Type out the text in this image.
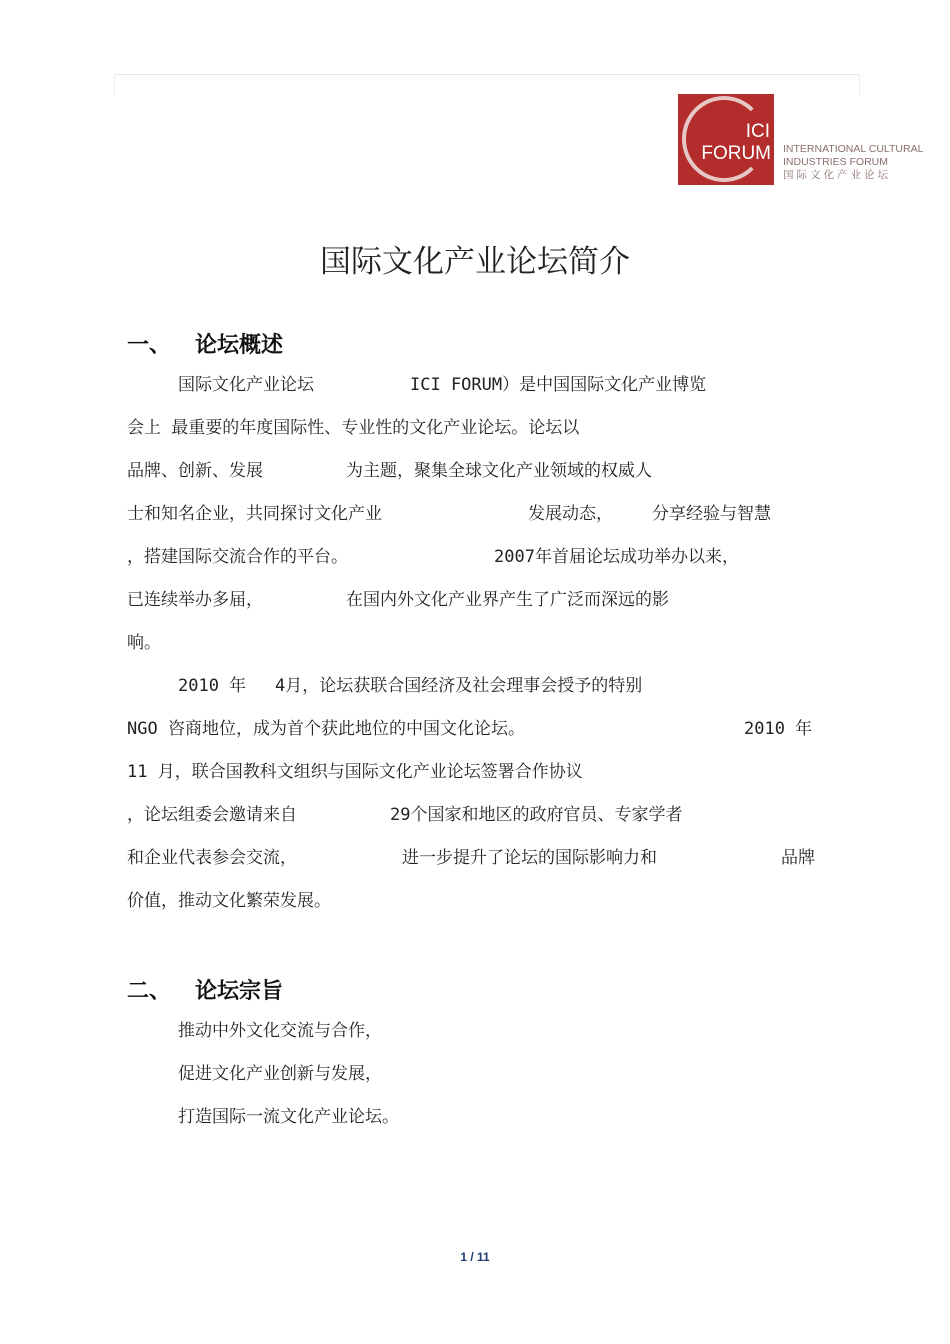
ICI
FORUM INTERNATIONAL CULTURAL
INDUSTRIES FORUM
国际文化产业论坛
国际文化产业论坛简介
一、 论坛概述
　　　国际文化产业论坛	ICI FORUM）是中国国际文化产业博览
会上 最重要的年度国际性、专业性的文化产业论坛。论坛以
品牌、创新、发展	为主题，聚集全球文化产业领域的权威人
士和知名企业，共同探讨文化产业	发展动态， 分享经验与智慧
，搭建国际交流合作的平台。	2007年首届论坛成功举办以来，
已连续举办多届，	在国内外文化产业界产生了广泛而深远的影
响。
　　　2010 年 4月，论坛获联合国经济及社会理事会授予的特别
NGO 咨商地位，成为首个获此地位的中国文化论坛。	2010 年
11 月，联合国教科文组织与国际文化产业论坛签署合作协议
，论坛组委会邀请来自	29个国家和地区的政府官员、专家学者
和企业代表参会交流，	进一步提升了论坛的国际影响力和	品牌
价值，推动文化繁荣发展。
二、 论坛宗旨
　　　推动中外文化交流与合作，
　　　促进文化产业创新与发展，
　　　打造国际一流文化产业论坛。
1 / 11
